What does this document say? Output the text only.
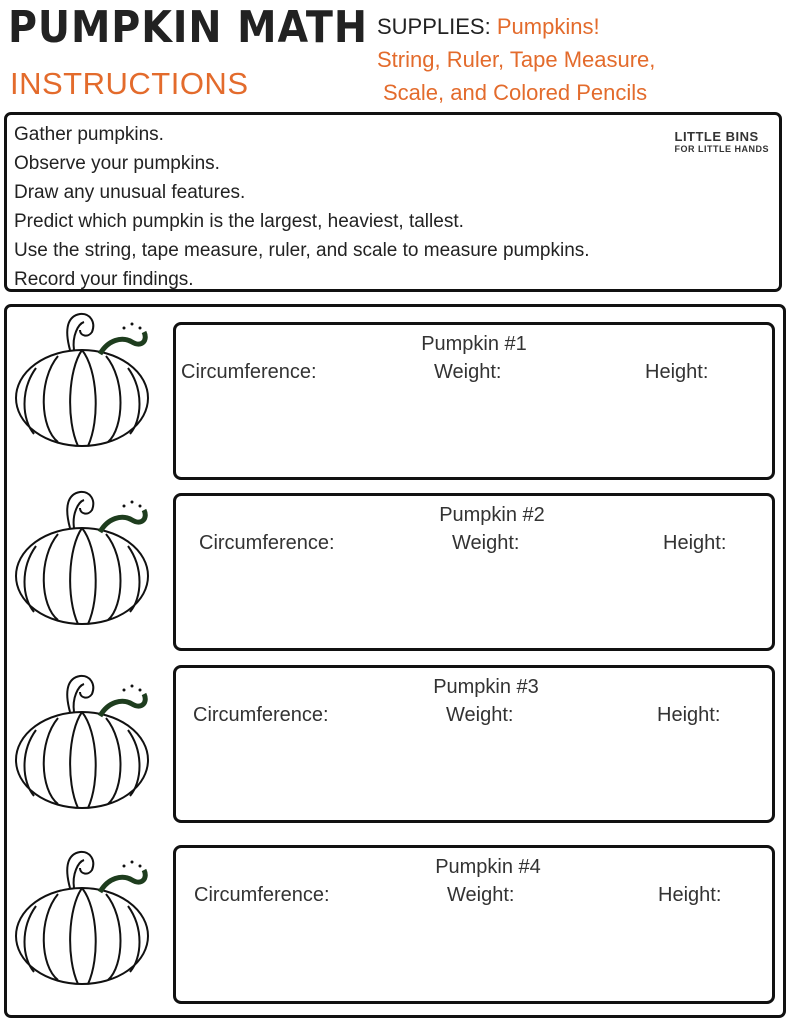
PUMPKIN MATH
INSTRUCTIONS
SUPPLIES: Pumpkins!
String, Ruler, Tape Measure,
Scale, and Colored Pencils
Gather pumpkins.
Observe your pumpkins.
Draw any unusual features.
Predict which pumpkin is the largest, heaviest, tallest.
Use the string, tape measure, ruler, and scale to measure pumpkins.
Record your findings.
LITTLE BINS
FOR LITTLE HANDS
Pumpkin #1
Circumference:	Weight:	Height:
Pumpkin #2
Circumference:	Weight:	Height:
Pumpkin #3
Circumference:	Weight:	Height:
Pumpkin #4
Circumference:	Weight:	Height:
